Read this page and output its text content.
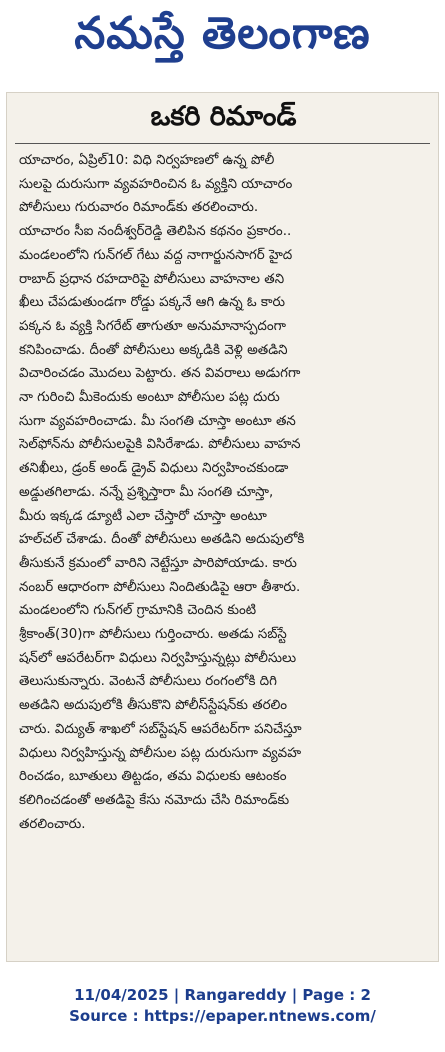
నమస్తే తెలంగాణ
ఒకరి రిమాండ్
యాచారం, ఏప్రిల్10: విధి నిర్వహణలో ఉన్న పోలీ
సులపై దురుసుగా వ్యవహరించిన ఓ వ్యక్తిని యాచారం
పోలీసులు గురువారం రిమాండ్‌కు తరలించారు.
యాచారం సీఐ నందీశ్వర్‌రెడ్డి తెలిపిన కథనం ప్రకారం..
మండలంలోని గున్‌గల్ గేటు వద్ద నాగార్జునసాగర్ హైద
రాబాద్ ప్రధాన రహదారిపై పోలీసులు వాహనాల తని
ఖీలు చేపడుతుండగా రోడ్డు పక్కనే ఆగి ఉన్న ఓ కారు
పక్కన ఓ వ్యక్తి సిగరేట్ తాగుతూ అనుమానాస్పదంగా
కనిపించాడు. దీంతో పోలీసులు అక్కడికి వెళ్లి అతడిని
విచారించడం మొదలు పెట్టారు. తన వివరాలు అడుగగా
నా గురించి మీకెందుకు అంటూ పోలీసుల పట్ల దురు
సుగా వ్యవహరించాడు. మీ సంగతి చూస్తా అంటూ తన
సెల్‌ఫోన్‌ను పోలీసులపైకి విసిరేశాడు. పోలీసులు వాహన
తనిఖీలు, డ్రంక్ అండ్ డ్రైవ్ విధులు నిర్వహించకుండా
అడ్డుతగిలాడు. నన్నే ప్రశ్నిస్తారా మీ సంగతి చూస్తా,
మీరు ఇక్కడ డ్యూటీ ఎలా చేస్తారో చూస్తా అంటూ
హల్‌చల్ చేశాడు. దీంతో పోలీసులు అతడిని అదుపులోకి
తీసుకునే క్రమంలో వారిని నెట్టేస్తూ పారిపోయాడు. కారు
నంబర్ ఆధారంగా పోలీసులు నిందితుడిపై ఆరా తీశారు.
మండలంలోని గున్‌గల్ గ్రామానికి చెందిన కుంటి
శ్రీకాంత్(30)గా పోలీసులు గుర్తించారు. అతడు సబ్‌స్టే
షన్‌లో ఆపరేటర్‌గా విధులు నిర్వహిస్తున్నట్లు పోలీసులు
తెలుసుకున్నారు. వెంటనే పోలీసులు రంగంలోకి దిగి
అతడిని అదుపులోకి తీసుకొని పోలీస్‌స్టేషన్‌కు తరలిం
చారు. విద్యుత్ శాఖలో సబ్‌స్టేషన్ ఆపరేటర్‌గా పనిచేస్తూ
విధులు నిర్వహిస్తున్న పోలీసుల పట్ల దురుసుగా వ్యవహ
రించడం, బూతులు తిట్టడం, తమ విధులకు ఆటంకం
కలిగించడంతో అతడిపై కేసు నమోదు చేసి రిమాండ్‌కు
తరలించారు.
11/04/2025 | Rangareddy | Page : 2
Source : https://epaper.ntnews.com/
